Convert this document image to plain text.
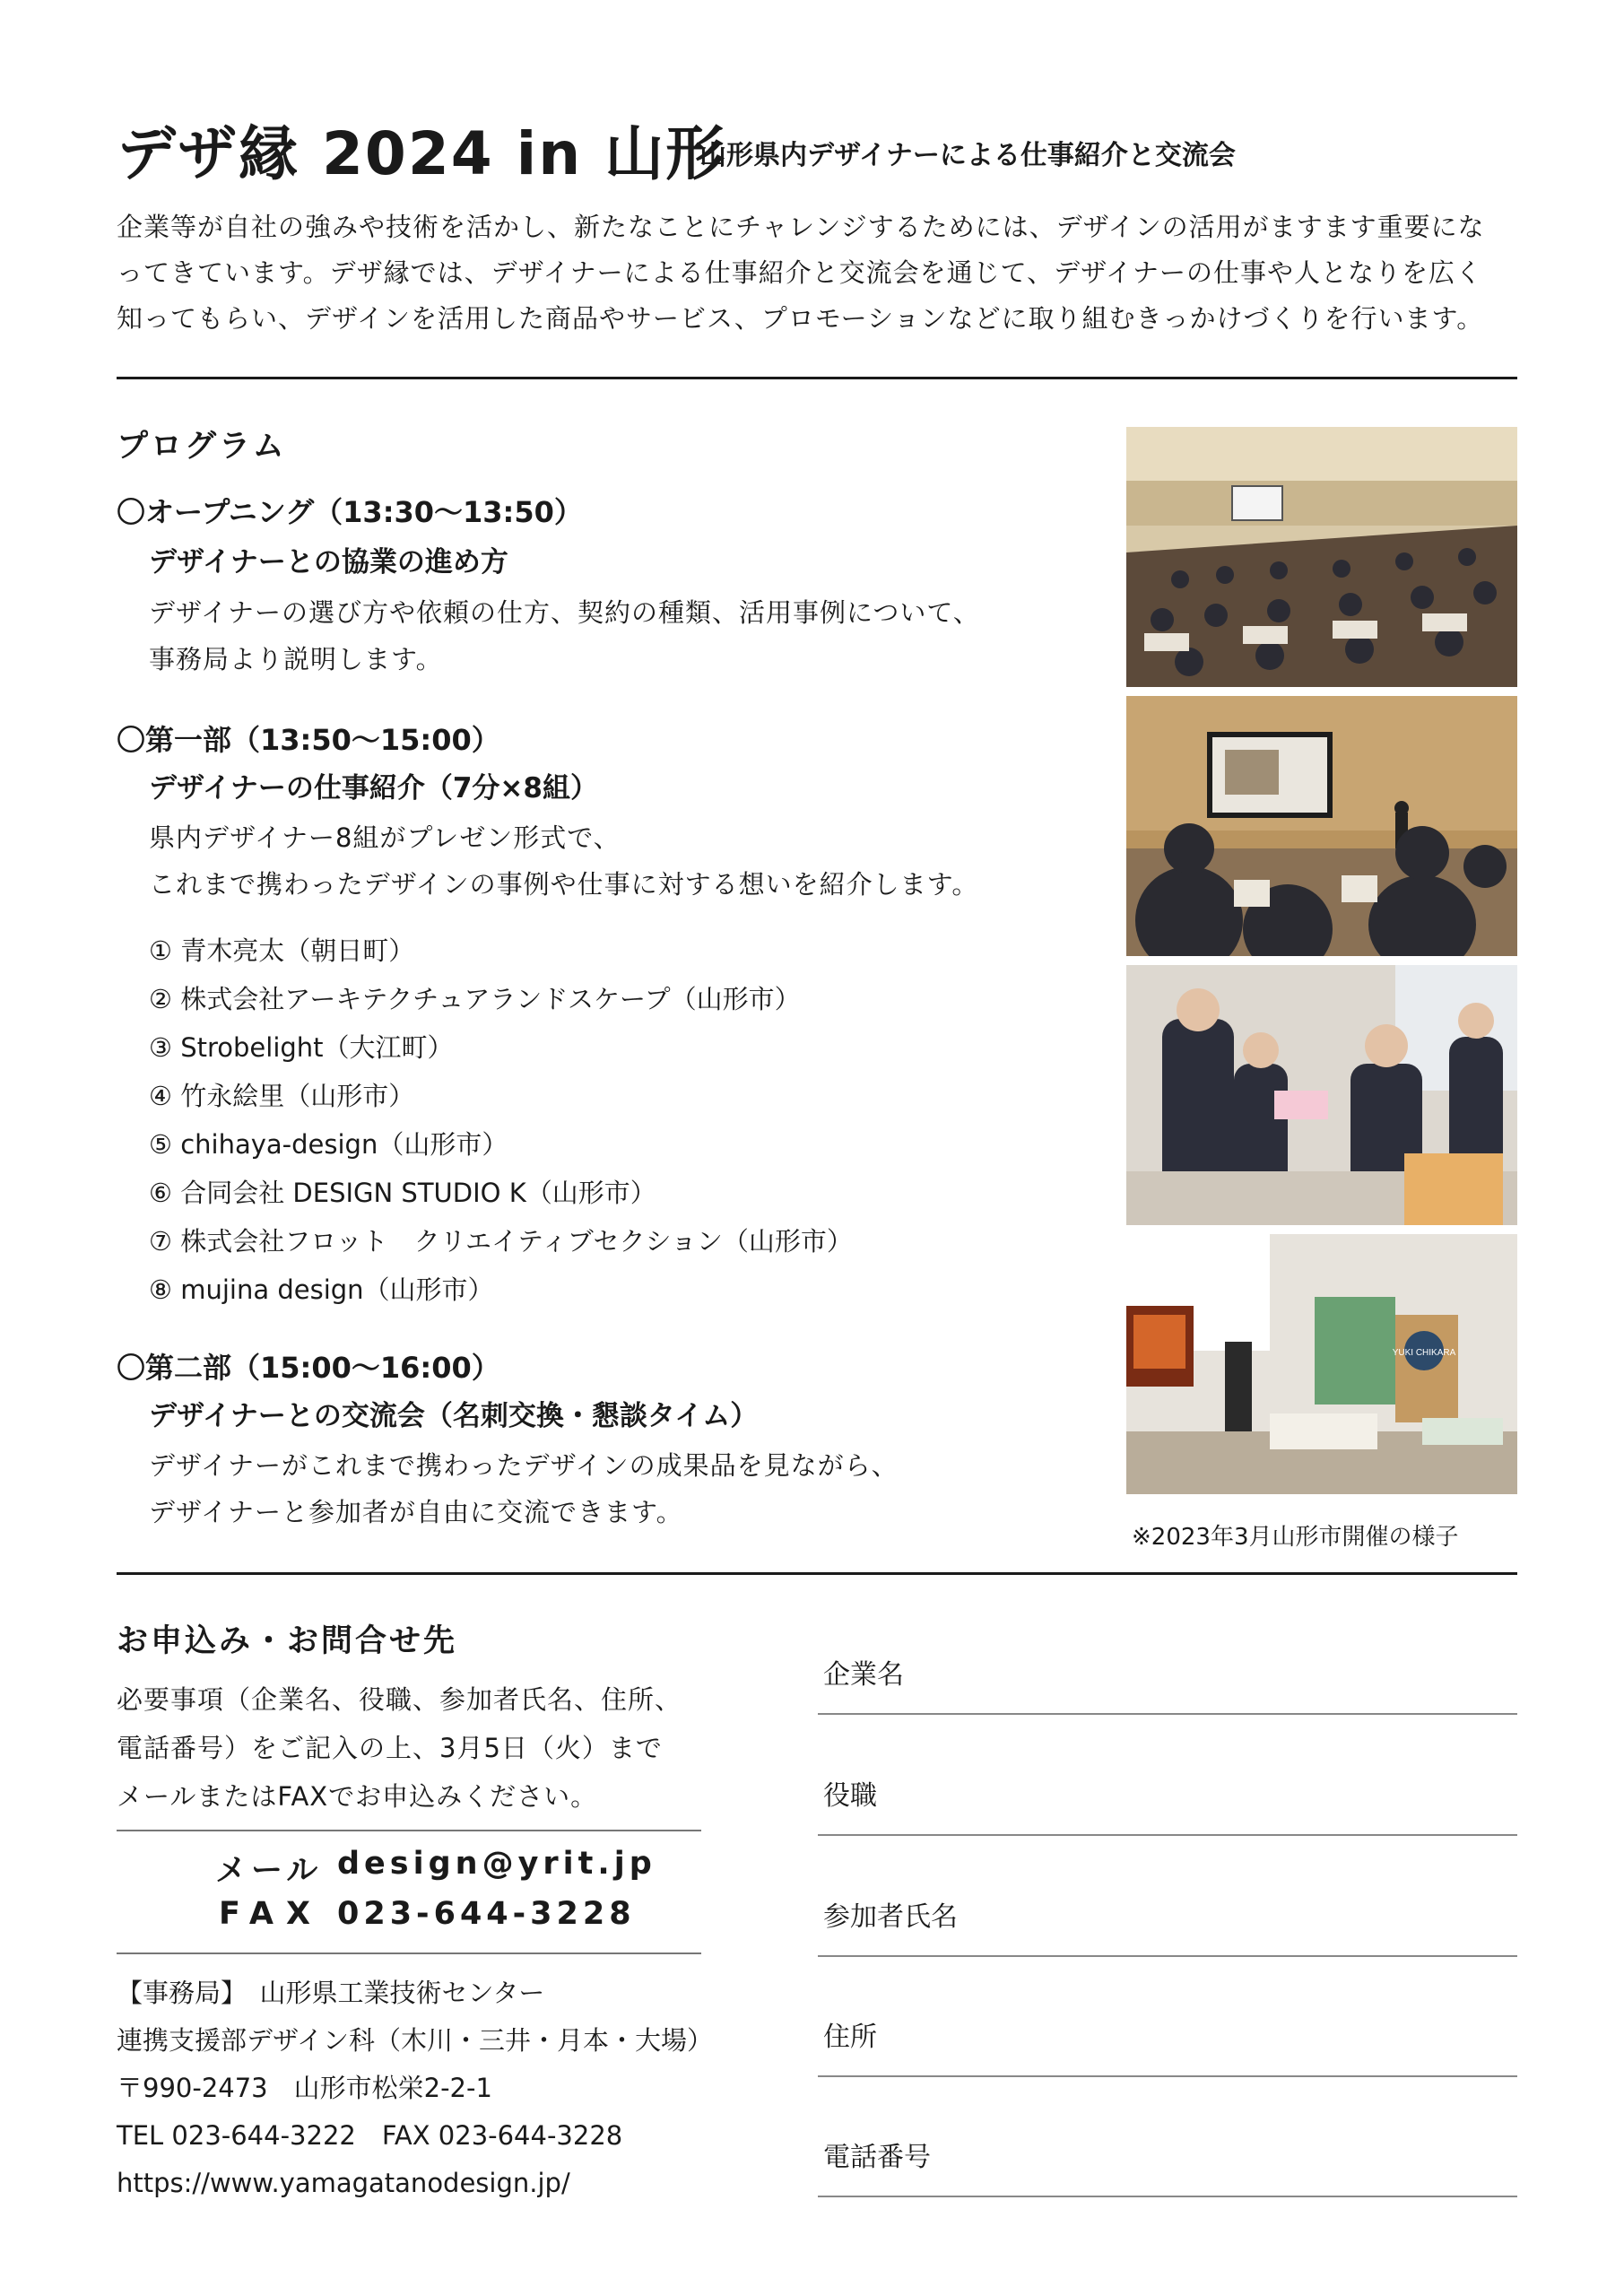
デザ縁 2024 in 山形
山形県内デザイナーによる仕事紹介と交流会
企業等が自社の強みや技術を活かし、新たなことにチャレンジするためには、デザインの活用がますます重要にな
ってきています。デザ縁では、デザイナーによる仕事紹介と交流会を通じて、デザイナーの仕事や人となりを広く
知ってもらい、デザインを活用した商品やサービス、プロモーションなどに取り組むきっかけづくりを行います。
プログラム
〇オープニング（13:30～13:50）
デザイナーとの協業の進め方
デザイナーの選び方や依頼の仕方、契約の種類、活用事例について、
事務局より説明します。
〇第一部（13:50～15:00）
デザイナーの仕事紹介（7分×8組）
県内デザイナー8組がプレゼン形式で、
これまで携わったデザインの事例や仕事に対する想いを紹介します。
① 青木亮太（朝日町）
② 株式会社アーキテクチュアランドスケープ（山形市）
③ Strobelight（大江町）
④ 竹永絵里（山形市）
⑤ chihaya-design（山形市）
⑥ 合同会社 DESIGN STUDIO K（山形市）
⑦ 株式会社フロット　クリエイティブセクション（山形市）
⑧ mujina design（山形市）
〇第二部（15:00～16:00）
デザイナーとの交流会（名刺交換・懇談タイム）
デザイナーがこれまで携わったデザインの成果品を見ながら、
デザイナーと参加者が自由に交流できます。
YUKI CHIKARA
※2023年3月山形市開催の様子
お申込み・お問合せ先
必要事項（企業名、役職、参加者氏名、住所、
電話番号）をご記入の上、3月5日（火）まで
メールまたはFAXでお申込みください。
メール design@yrit.jp
FAX 023-644-3228
【事務局】　山形県工業技術センター
連携支援部デザイン科（木川・三井・月本・大場）
〒990-2473　山形市松栄2-2-1
TEL 023-644-3222　FAX 023-644-3228
https://www.yamagatanodesign.jp/
企業名
役職
参加者氏名
住所
電話番号
